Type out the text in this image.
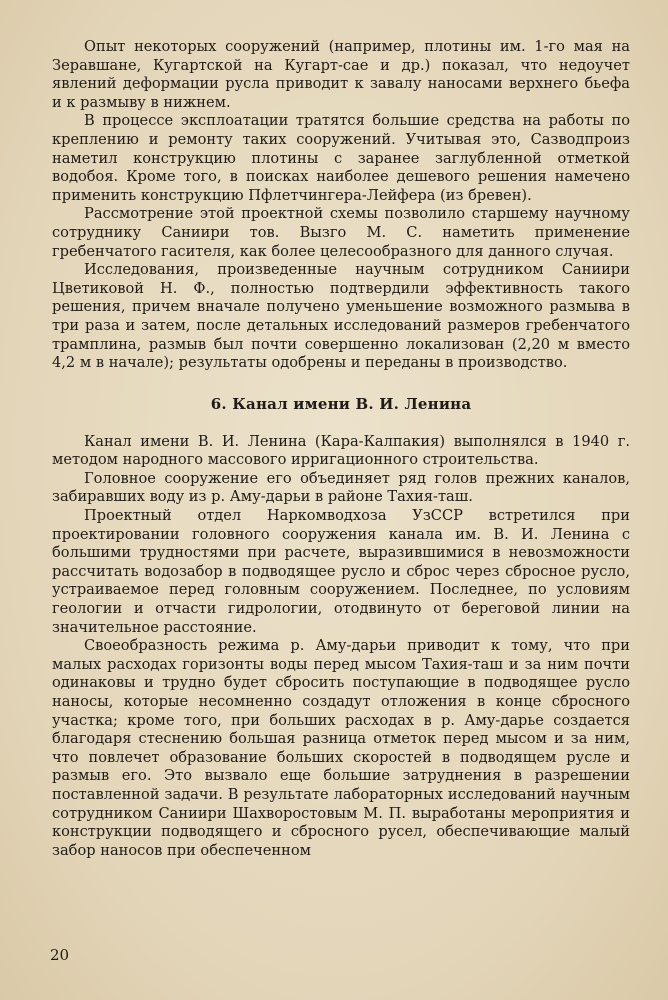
Опыт некоторых сооружений (например, плотины им. 1-го мая на Зеравшане, Кугартской на Кугарт-сае и др.) показал, что недоучет явлений деформации русла приводит к завалу наносами верхнего бьефа и к размыву в нижнем.

В процессе эксплоатации тратятся большие средства на работы по креплению и ремонту таких сооружений. Учитывая это, Сазводпроиз наметил конструкцию плотины с заранее заглубленной отметкой водобоя. Кроме того, в поисках наиболее дешевого решения намечено применить конструкцию Пфлетчингера-Лейфера (из бревен).

Рассмотрение этой проектной схемы позволило старшему научному сотруднику Саниири тов. Вызго М. С. наметить применение гребенчатого гасителя, как более целесообразного для данного случая.

Исследования, произведенные научным сотрудником Саниири Цветиковой Н. Ф., полностью подтвердили эффективность такого решения, причем вначале получено уменьшение возможного размыва в три раза и затем, после детальных исследований размеров гребенчатого трамплина, размыв был почти совершенно локализован (2,20 м вместо 4,2 м в начале); результаты одобрены и переданы в производство.

6. Канал имени В. И. Ленина

Канал имени В. И. Ленина (Кара-Калпакия) выполнялся в 1940 г. методом народного массового ирригационного строительства.

Головное сооружение его объединяет ряд голов прежних каналов, забиравших воду из р. Аму-дарьи в районе Тахия-таш.

Проектный отдел Наркомводхоза УзССР встретился при проектировании головного сооружения канала им. В. И. Ленина с большими трудностями при расчете, выразившимися в невозможности рассчитать водозабор в подводящее русло и сброс через сбросное русло, устраиваемое перед головным сооружением. Последнее, по условиям геологии и отчасти гидрологии, отодвинуто от береговой линии на значительное расстояние.

Своеобразность режима р. Аму-дарьи приводит к тому, что при малых расходах горизонты воды перед мысом Тахия-таш и за ним почти одинаковы и трудно будет сбросить поступающие в подводящее русло наносы, которые несомненно создадут отложения в конце сбросного участка; кроме того, при больших расходах в р. Аму-дарье создается благодаря стеснению большая разница отметок перед мысом и за ним, что повлечет образование больших скоростей в подводящем русле и размыв его. Это вызвало еще большие затруднения в разрешении поставленной задачи. В результате лабораторных исследований научным сотрудником Саниири Шахворостовым М. П. выработаны мероприятия и конструкции подводящего и сбросного русел, обеспечивающие малый забор наносов при обеспеченном

20
